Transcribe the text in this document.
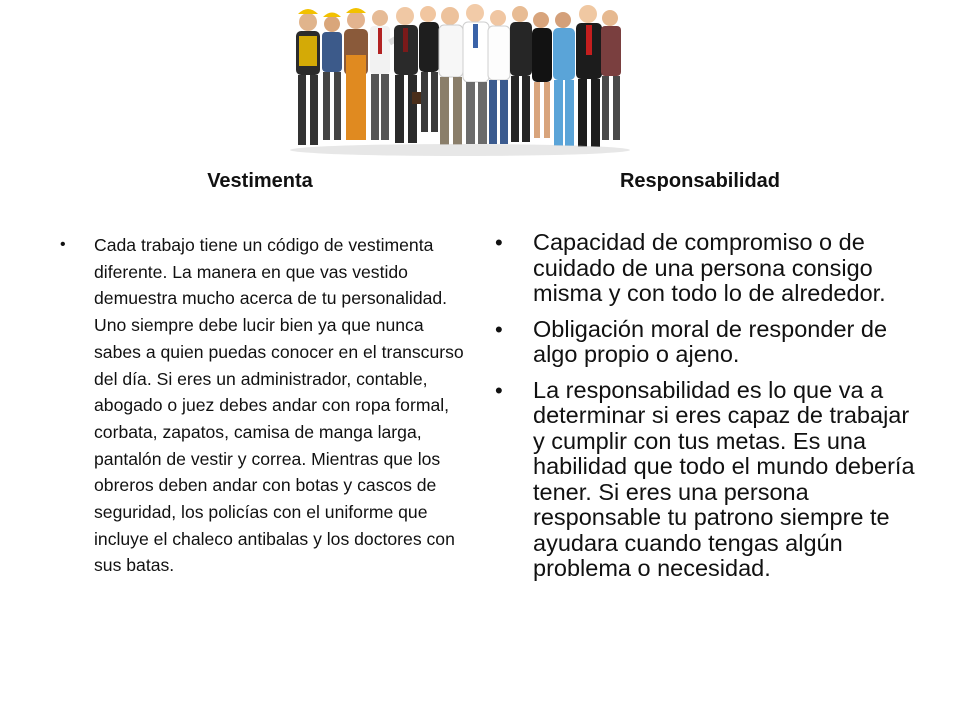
Vestimenta	Responsabilidad
• Cada trabajo tiene un código de vestimenta diferente. La manera en que vas vestido demuestra mucho acerca de tu personalidad. Uno siempre debe lucir bien ya que nunca sabes a quien puedas conocer en el transcurso del día. Si eres un administrador, contable, abogado o juez debes andar con ropa formal, corbata, zapatos, camisa de manga larga, pantalón de vestir y correa. Mientras que los obreros deben andar con botas y cascos de seguridad, los policías con el uniforme que incluye el chaleco antibalas y los doctores con sus batas.
• Capacidad de compromiso o de cuidado de una persona consigo misma y con todo lo de alrededor.
• Obligación moral de responder de algo propio o ajeno.
• La responsabilidad es lo que va a determinar si eres capaz de trabajar y cumplir con tus metas. Es una habilidad que todo el mundo debería tener. Si eres una persona responsable tu patrono siempre te ayudara cuando tengas algún problema o necesidad.
